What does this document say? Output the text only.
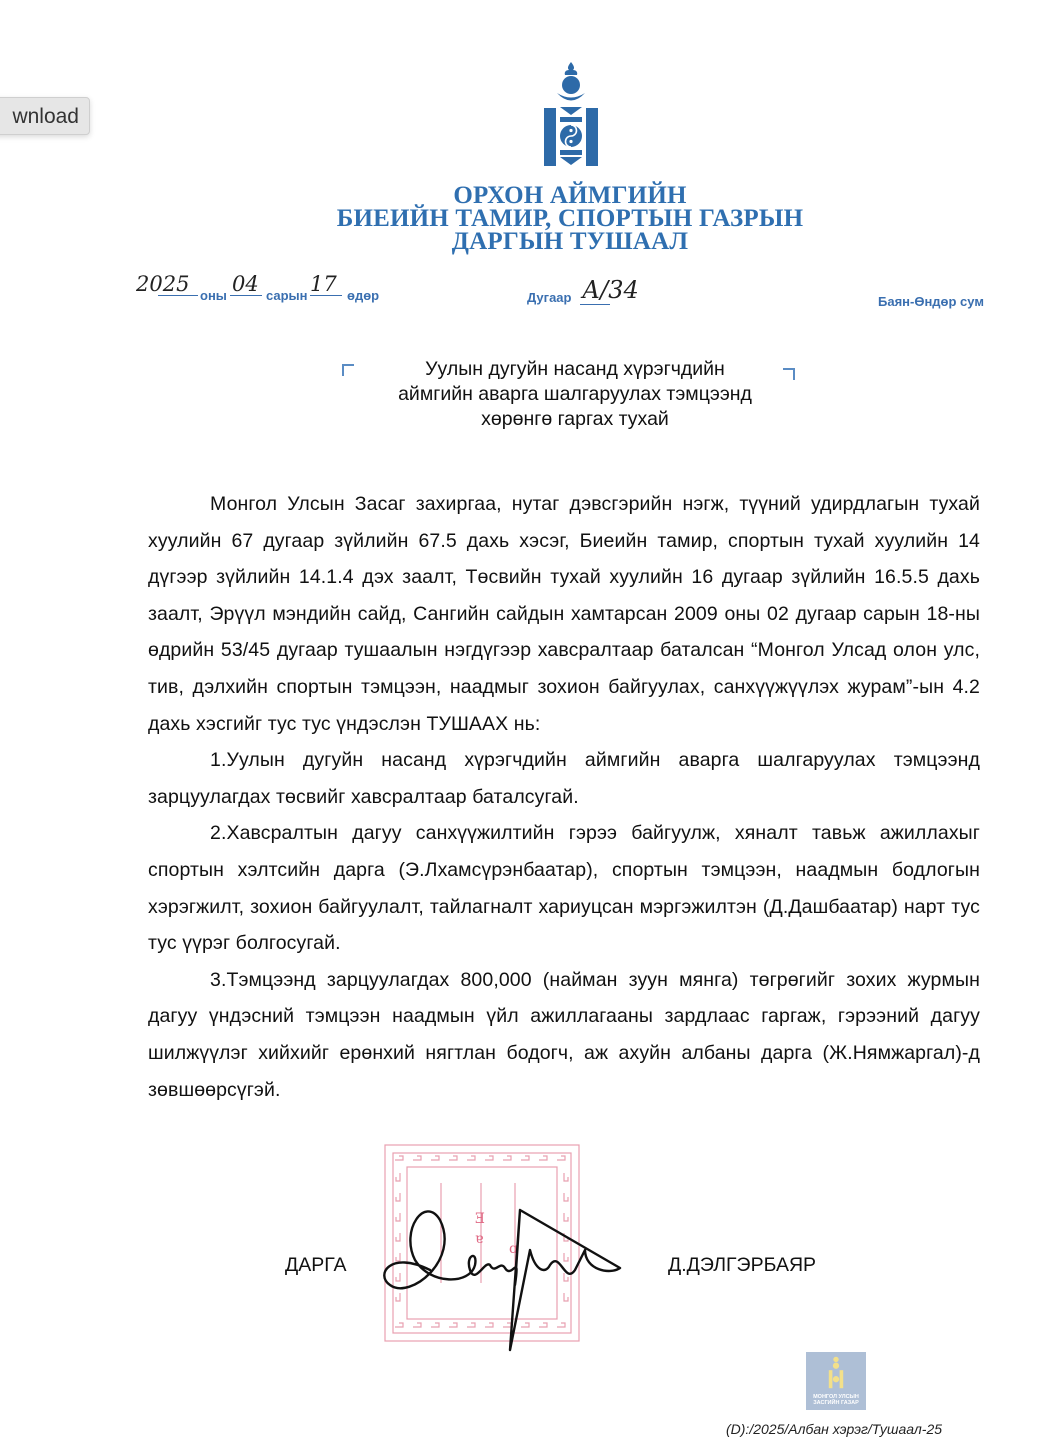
wnload
ОРХОН АЙМГИЙН
БИЕИЙН ТАМИР, СПОРТЫН ГАЗРЫН
ДАРГЫН ТУШААЛ
2025 оны 04 сарын 17 өдөр	Дугаар А/34	Баян-Өндөр сум
Уулын дугуйн насанд хүрэгчдийн
аймгийн аварга шалгаруулах тэмцээнд
хөрөнгө гаргах тухай

Монгол Улсын Засаг захиргаа, нутаг дэвсгэрийн нэгж, түүний удирдлагын тухай хуулийн 67 дугаар зүйлийн 67.5 дахь хэсэг, Биеийн тамир, спортын тухай хуулийн 14 дүгээр зүйлийн 14.1.4 дэх заалт, Төсвийн тухай хуулийн 16 дугаар зүйлийн 16.5.5 дахь заалт, Эрүүл мэндийн сайд, Сангийн сайдын хамтарсан 2009 оны 02 дугаар сарын 18-ны өдрийн 53/45 дугаар тушаалын нэгдүгээр хавсралтаар баталсан “Монгол Улсад олон улс, тив, дэлхийн спортын тэмцээн, наадмыг зохион байгуулах, санхүүжүүлэх журам”-ын 4.2 дахь хэсгийг тус тус үндэслэн ТУШААХ нь:

1.Уулын дугуйн насанд хүрэгчдийн аймгийн аварга шалгаруулах тэмцээнд зарцуулагдах төсвийг хавсралтаар баталсугай.

2.Хавсралтын дагуу санхүүжилтийн гэрээ байгуулж, хяналт тавьж ажиллахыг спортын хэлтсийн дарга (Э.Лхамсүрэнбаатар), спортын тэмцээн, наадмын бодлогын хэрэгжилт, зохион байгуулалт, тайлагналт хариуцсан мэргэжилтэн (Д.Дашбаатар) нарт тус тус үүрэг болгосугай.

3.Тэмцээнд зарцуулагдах 800,000 (найман зуун мянга) төгрөгийг зохих журмын дагуу үндэсний тэмцээн наадмын үйл ажиллагааны зардлаас гаргаж, гэрээний дагуу шилжүүлэг хийхийг ерөнхий нягтлан бодогч, аж ахуйн албаны дарга (Ж.Нямжаргал)-д зөвшөөрсүгэй.

Ǝ
ɐ
ɑ
ДАРГА	Д.ДЭЛГЭРБАЯР
МОНГОЛ УЛСЫН
ЗАСГИЙН ГАЗАР
(D):/2025/Албан хэрэг/Тушаал-25
